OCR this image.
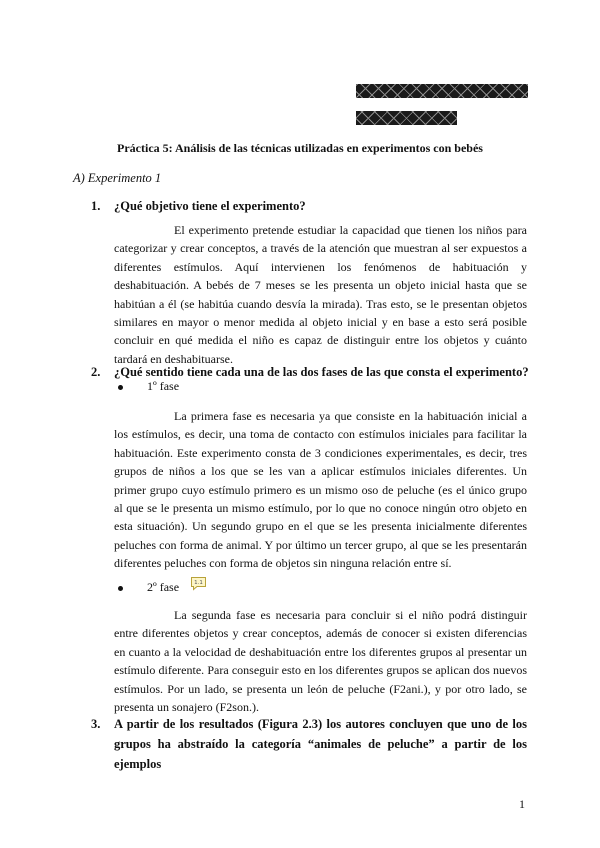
Práctica 5: Análisis de las técnicas utilizadas en experimentos con bebés
A) Experimento 1
1. ¿Qué objetivo tiene el experimento?
El experimento pretende estudiar la capacidad que tienen los niños para categorizar y crear conceptos, a través de la atención que muestran al ser expuestos a diferentes estímulos. Aquí intervienen los fenómenos de habituación y deshabituación. A bebés de 7 meses se les presenta un objeto inicial hasta que se habitúan a él (se habitúa cuando desvía la mirada). Tras esto, se le presentan objetos similares en mayor o menor medida al objeto inicial y en base a esto será posible concluir en qué medida el niño es capaz de distinguir entre los objetos y cuánto tardará en deshabituarse.
2. ¿Qué sentido tiene cada una de las dos fases de las que consta el experimento?
1º fase
La primera fase es necesaria ya que consiste en la habituación inicial a los estímulos, es decir, una toma de contacto con estímulos iniciales para facilitar la habituación. Este experimento consta de 3 condiciones experimentales, es decir, tres grupos de niños a los que se les van a aplicar estímulos iniciales diferentes. Un primer grupo cuyo estímulo primero es un mismo oso de peluche (es el único grupo al que se le presenta un mismo estímulo, por lo que no conoce ningún otro objeto en esta situación). Un segundo grupo en el que se les presenta inicialmente diferentes peluches con forma de animal. Y por último un tercer grupo, al que se les presentarán diferentes peluches con forma de objetos sin ninguna relación entre sí.
2º fase	1.1
La segunda fase es necesaria para concluir si el niño podrá distinguir entre diferentes objetos y crear conceptos, además de conocer si existen diferencias en cuanto a la velocidad de deshabituación entre los diferentes grupos al presentar un estímulo diferente. Para conseguir esto en los diferentes grupos se aplican dos nuevos estímulos. Por un lado, se presenta un león de peluche (F2ani.), y por otro lado, se presenta un sonajero (F2son.).
3.	A partir de los resultados (Figura 2.3) los autores concluyen que uno de los grupos ha abstraído la categoría “animales de peluche” a partir de los ejemplos
1
